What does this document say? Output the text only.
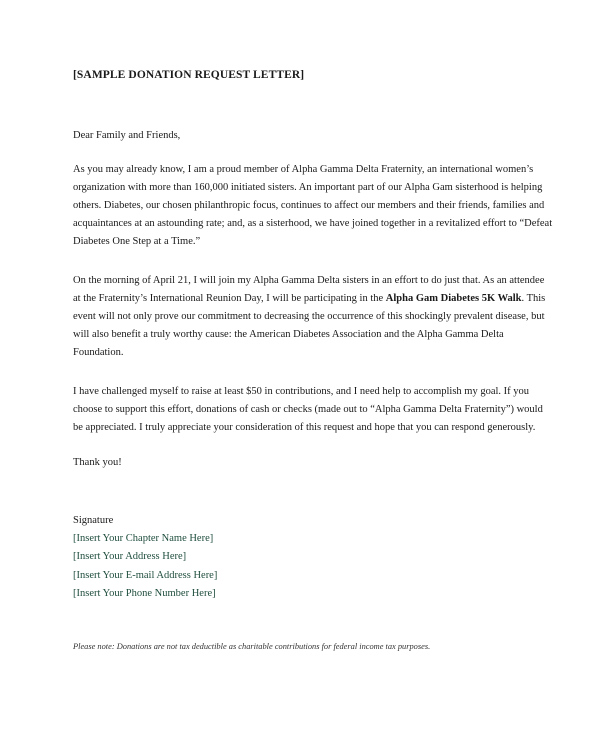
[SAMPLE DONATION REQUEST LETTER]
Dear Family and Friends,
As you may already know, I am a proud member of Alpha Gamma Delta Fraternity, an international women’s
organization with more than 160,000 initiated sisters. An important part of our Alpha Gam sisterhood is helping
others. Diabetes, our chosen philanthropic focus, continues to affect our members and their friends, families and
acquaintances at an astounding rate; and, as a sisterhood, we have joined together in a revitalized effort to “Defeat
Diabetes One Step at a Time.”
On the morning of April 21, I will join my Alpha Gamma Delta sisters in an effort to do just that. As an attendee
at the Fraternity’s International Reunion Day, I will be participating in the Alpha Gam Diabetes 5K Walk. This
event will not only prove our commitment to decreasing the occurrence of this shockingly prevalent disease, but
will also benefit a truly worthy cause: the American Diabetes Association and the Alpha Gamma Delta
Foundation.
I have challenged myself to raise at least $50 in contributions, and I need help to accomplish my goal. If you
choose to support this effort, donations of cash or checks (made out to “Alpha Gamma Delta Fraternity”) would
be appreciated. I truly appreciate your consideration of this request and hope that you can respond generously.
Thank you!
Signature
[Insert Your Chapter Name Here]
[Insert Your Address Here]
[Insert Your E-mail Address Here]
[Insert Your Phone Number Here]
Please note: Donations are not tax deductible as charitable contributions for federal income tax purposes.
